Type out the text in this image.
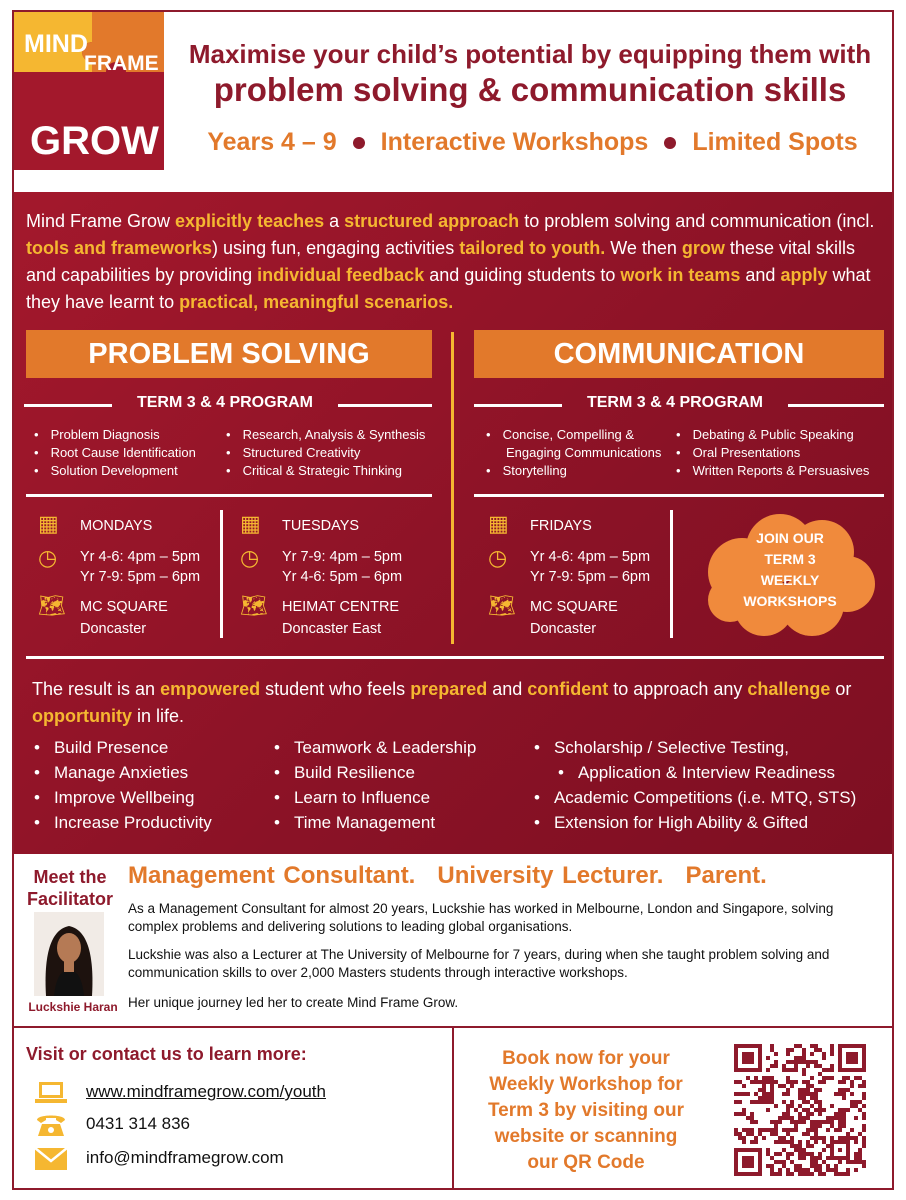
MIND
FRAME
GROW
Maximise your child’s potential by equipping them with
problem solving & communication skills
Years 4 – 9 Interactive Workshops Limited Spots
Mind Frame Grow explicitly teaches a structured approach to problem solving and communication (incl. tools and frameworks) using fun, engaging activities tailored to youth. We then grow these vital skills and capabilities by providing individual feedback and guiding students to work in teams and apply what they have learnt to practical, meaningful scenarios.
PROBLEM SOLVING
TERM 3 & 4 PROGRAM
• Problem Diagnosis
• Root Cause Identification
• Solution Development
• Research, Analysis & Synthesis
• Structured Creativity
• Critical & Strategic Thinking
▦ MONDAYS
◷ Yr 4-6: 4pm – 5pm
Yr 7-9: 5pm – 6pm
🗺 MC SQUARE
Doncaster
▦ TUESDAYS
◷ Yr 7-9: 4pm – 5pm
Yr 4-6: 5pm – 6pm
🗺 HEIMAT CENTRE
Doncaster East
COMMUNICATION
TERM 3 & 4 PROGRAM
• Concise, Compelling &
Engaging Communications
• Storytelling
• Debating & Public Speaking
• Oral Presentations
• Written Reports & Persuasives
▦ FRIDAYS
◷ Yr 4-6: 4pm – 5pm
Yr 7-9: 5pm – 6pm
🗺 MC SQUARE
Doncaster
JOIN OUR
TERM 3
WEEKLY
WORKSHOPS
The result is an empowered student who feels prepared and confident to approach any challenge or opportunity in life.
• Build Presence
• Manage Anxieties
• Improve Wellbeing
• Increase Productivity
• Teamwork & Leadership
• Build Resilience
• Learn to Influence
• Time Management
• Scholarship / Selective Testing,
• Application & Interview Readiness
• Academic Competitions (i.e. MTQ, STS)
• Extension for High Ability & Gifted
Meet the
Facilitator
Luckshie Haran
Management Consultant. University Lecturer. Parent.

As a Management Consultant for almost 20 years, Luckshie has worked in Melbourne, London and Singapore, solving complex problems and delivering solutions to leading global organisations.

Luckshie was also a Lecturer at The University of Melbourne for 7 years, during when she taught problem solving and communication skills to over 2,000 Masters students through interactive workshops.

Her unique journey led her to create Mind Frame Grow.

Visit or contact us to learn more:
www.mindframegrow.com/youth
0431 314 836
info@mindframegrow.com
Book now for your
Weekly Workshop for
Term 3 by visiting our
website or scanning
our QR Code
